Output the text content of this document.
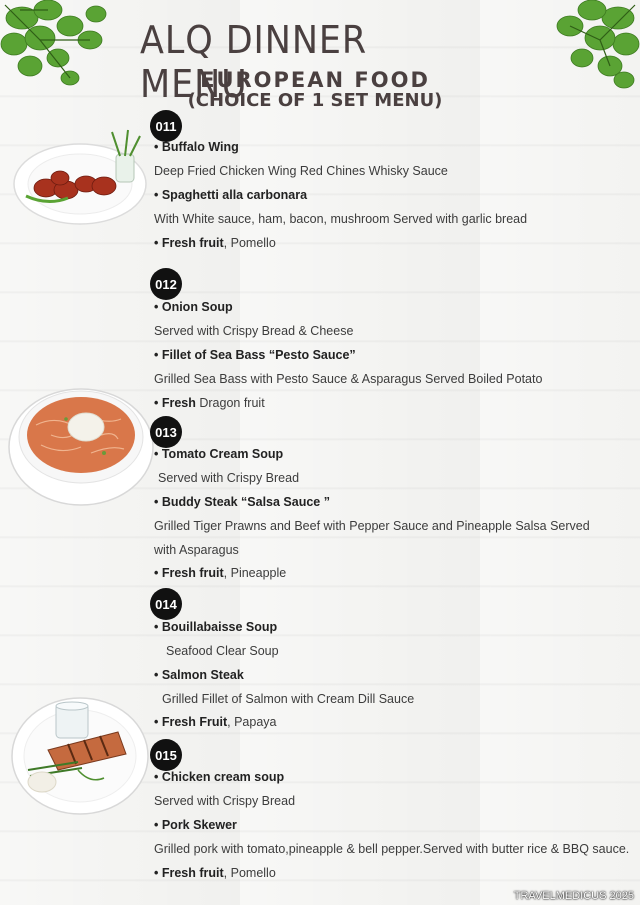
ALQ DINNER MENU
EUROPEAN FOOD
(CHOICE OF 1 SET MENU)
011
• Buffalo Wing
Deep Fried Chicken Wing Red Chines Whisky Sauce
• Spaghetti alla carbonara
With White sauce, ham, bacon, mushroom Served with garlic bread
• Fresh fruit, Pomello
012
• Onion Soup
Served with Crispy Bread & Cheese
• Fillet of Sea Bass “Pesto Sauce”
Grilled Sea Bass with Pesto Sauce & Asparagus Served Boiled Potato
• Fresh Dragon fruit
013
• Tomato Cream Soup
Served with Crispy Bread
• Buddy Steak “Salsa Sauce ”
Grilled Tiger Prawns and Beef with Pepper Sauce and Pineapple Salsa Served
with Asparagus
• Fresh fruit, Pineapple
014
• Bouillabaisse Soup
Seafood Clear Soup
• Salmon Steak
Grilled Fillet of Salmon with Cream Dill Sauce
• Fresh Fruit, Papaya
015
• Chicken cream soup
Served with Crispy Bread
• Pork Skewer
Grilled pork with tomato,pineapple & bell pepper.Served with butter rice & BBQ sauce.
• Fresh fruit, Pomello
TRAVELMEDICUS 2025
